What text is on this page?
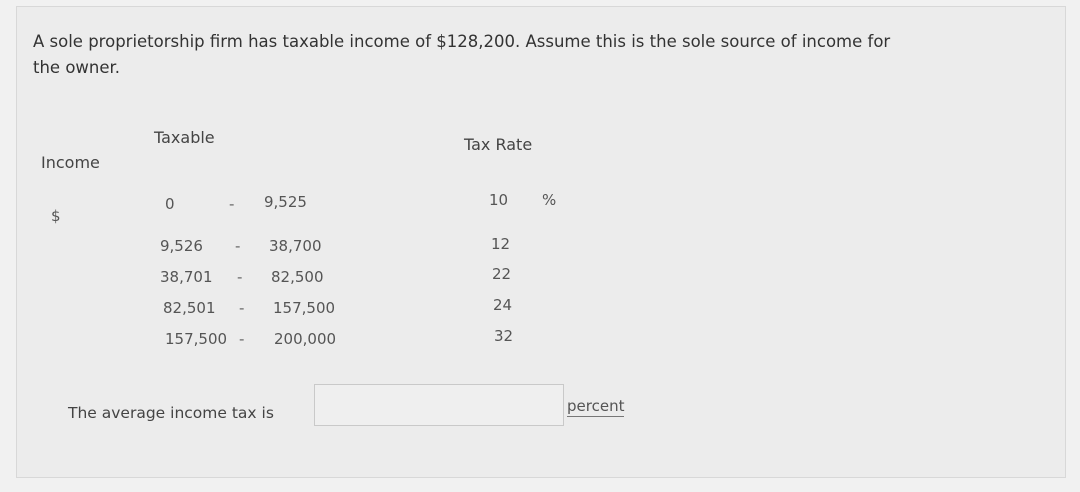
A sole proprietorship firm has taxable income of $128,200. Assume this is the sole source of income for
the owner.
Taxable
Income
Tax Rate
$
0	- 9,525	10 %
9,526 - 38,700	12
38,701 - 82,500	22
82,501 - 157,500	24
157,500 - 200,000	32
The average income tax is	percent
